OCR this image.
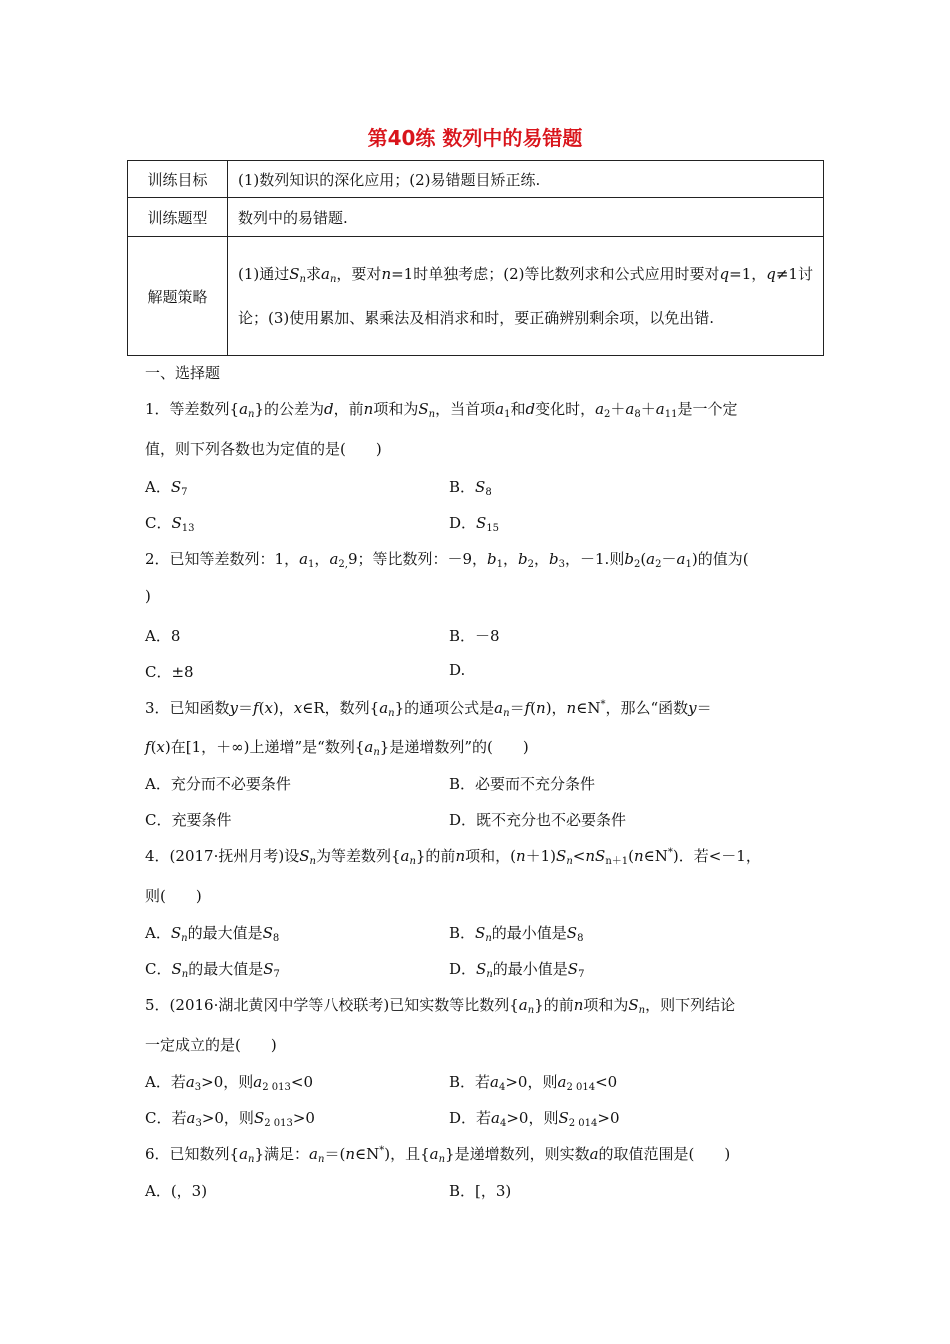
第40练 数列中的易错题
训练目标	(1)数列知识的深化应用；(2)易错题目矫正练.
训练题型	数列中的易错题.
解题策略	(1)通过$S_n$求$a_n$，要对n=1时单独考虑；(2)等比数列求和公式应用时要对q=1，q≠1讨论；(3)使用累加、累乘法及相消求和时，要正确辨别剩余项，以免出错.
一、选择题
1．等差数列$\{a_n\}$的公差为d，前n项和为$S_n$，当首项$a_1$和d变化时，$a_2+a_8+a_{11}$是一个定
值，则下列各数也为定值的是(　　)
A．$S_7$	B．$S_8$
C．$S_{13}$	D．$S_{15}$
2．已知等差数列：1，$a_1$，$a_{2,}9$；等比数列：－9，$b_1$，$b_2$，$b_3$，－1.则$b_2(a_2-a_1)$的值为(
)
A．8	B．－8
C．±8	D.
3．已知函数y＝f(x)，x∈R，数列$\{a_n\}$的通项公式是$a_n=f(n)$，n∈N*，那么“函数y＝
f(x)在[1，＋∞)上递增”是“数列$\{a_n\}$是递增数列”的(　　)
A．充分而不必要条件	B．必要而不充分条件
C．充要条件	D．既不充分也不必要条件
4．(2017·抚州月考)设$S_n$为等差数列$\{a_n\}$的前n项和，$(n+1)S_n<nS_{n+1}(n\in N^*)$．若<－1，
则(　　)
A．$S_n$的最大值是$S_8$	B．$S_n$的最小值是$S_8$
C．$S_n$的最大值是$S_7$	D．$S_n$的最小值是$S_7$
5．(2016·湖北黄冈中学等八校联考)已知实数等比数列$\{a_n\}$的前n项和为$S_n$，则下列结论
一定成立的是(　　)
A．若$a_3>0$，则$a_{2 013}<0$	B．若$a_4>0$，则$a_{2 014}<0$
C．若$a_3>0$，则$S_{2 013}>0$	D．若$a_4>0$，则$S_{2 014}>0$
6．已知数列$\{a_n\}$满足：$a_n=(n\in N^*)$，且$\{a_n\}$是递增数列，则实数a的取值范围是(　　)
A．(，3)	B．[，3)
